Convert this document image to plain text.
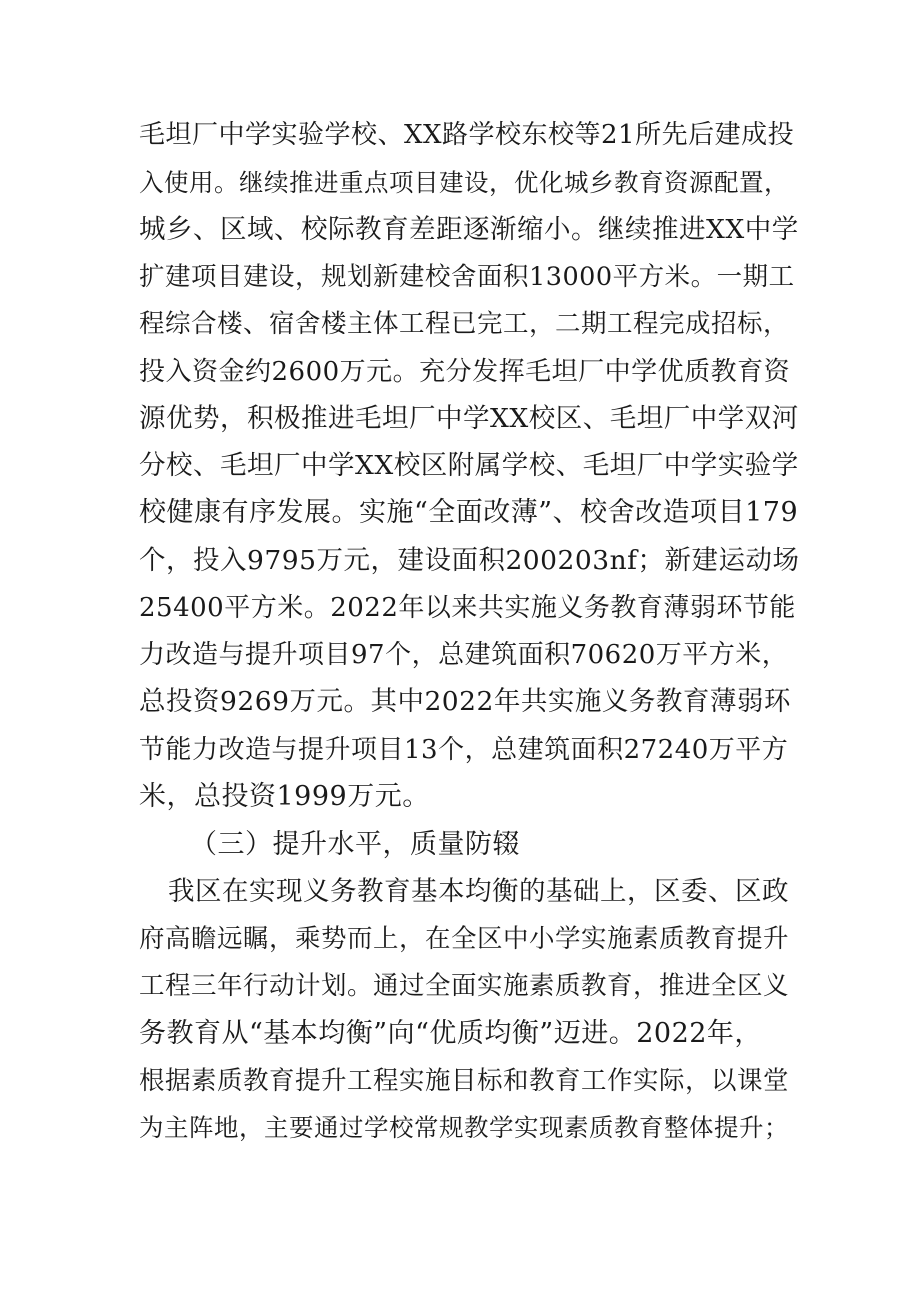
毛坦厂中学实验学校、XX路学校东校等21所先后建成投
入使用。继续推进重点项目建设，优化城乡教育资源配置，
城乡、区域、校际教育差距逐渐缩小。继续推进XX中学
扩建项目建设，规划新建校舍面积13000平方米。一期工
程综合楼、宿舍楼主体工程已完工，二期工程完成招标，
投入资金约2600万元。充分发挥毛坦厂中学优质教育资
源优势，积极推进毛坦厂中学XX校区、毛坦厂中学双河
分校、毛坦厂中学XX校区附属学校、毛坦厂中学实验学
校健康有序发展。实施“全面改薄”、校舍改造项目179
个，投入9795万元，建设面积200203nf；新建运动场
25400平方米。2022年以来共实施义务教育薄弱环节能
力改造与提升项目97个，总建筑面积70620万平方米，
总投资9269万元。其中2022年共实施义务教育薄弱环
节能力改造与提升项目13个，总建筑面积27240万平方
米，总投资1999万元。
（三）提升水平，质量防辍
我区在实现义务教育基本均衡的基础上，区委、区政
府高瞻远瞩，乘势而上，在全区中小学实施素质教育提升
工程三年行动计划。通过全面实施素质教育，推进全区义
务教育从“基本均衡”向“优质均衡”迈进。2022年，
根据素质教育提升工程实施目标和教育工作实际，以课堂
为主阵地，主要通过学校常规教学实现素质教育整体提升；
